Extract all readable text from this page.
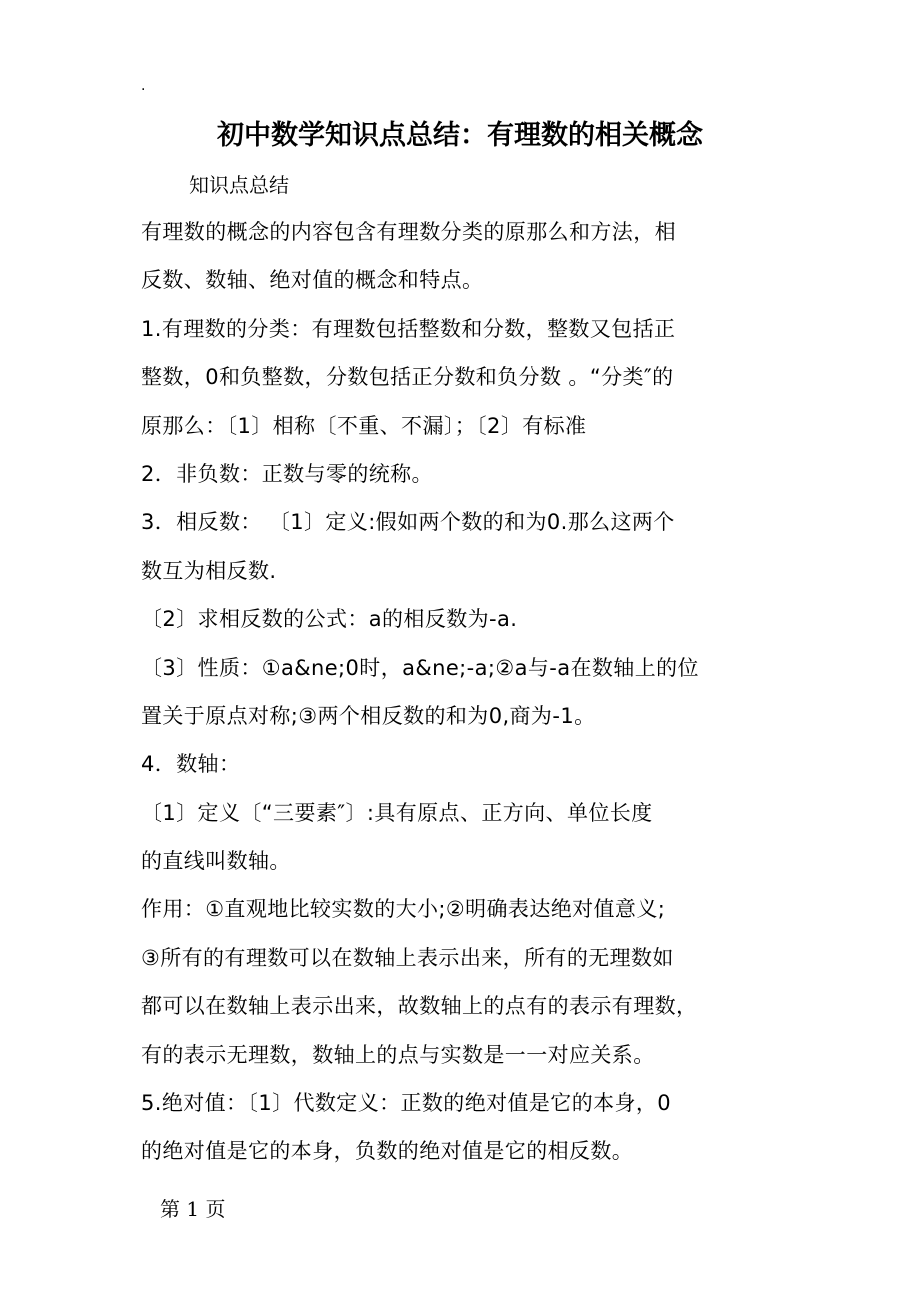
.
初中数学知识点总结：有理数的相关概念
知识点总结
有理数的概念的内容包含有理数分类的原那么和方法，相
反数、数轴、绝对值的概念和特点。
1.有理数的分类：有理数包括整数和分数，整数又包括正
整数，0和负整数，分数包括正分数和负分数 。“分类″的
原那么：〔1〕相称〔不重、不漏〕；〔2〕有标准
2．非负数：正数与零的统称。
3．相反数： 〔1〕定义:假如两个数的和为0.那么这两个
数互为相反数.
〔2〕求相反数的公式：a的相反数为-a.
〔3〕性质：①a&ne;0时，a&ne;-a;②a与-a在数轴上的位
置关于原点对称;③两个相反数的和为0,商为-1。
4．数轴：
〔1〕定义〔“三要素″〕:具有原点、正方向、单位长度
的直线叫数轴。
作用：①直观地比较实数的大小;②明确表达绝对值意义;
③所有的有理数可以在数轴上表示出来，所有的无理数如
都可以在数轴上表示出来，故数轴上的点有的表示有理数，
有的表示无理数，数轴上的点与实数是一一对应关系。
5.绝对值：〔1〕代数定义：正数的绝对值是它的本身，0
的绝对值是它的本身，负数的绝对值是它的相反数。
第 1 页
